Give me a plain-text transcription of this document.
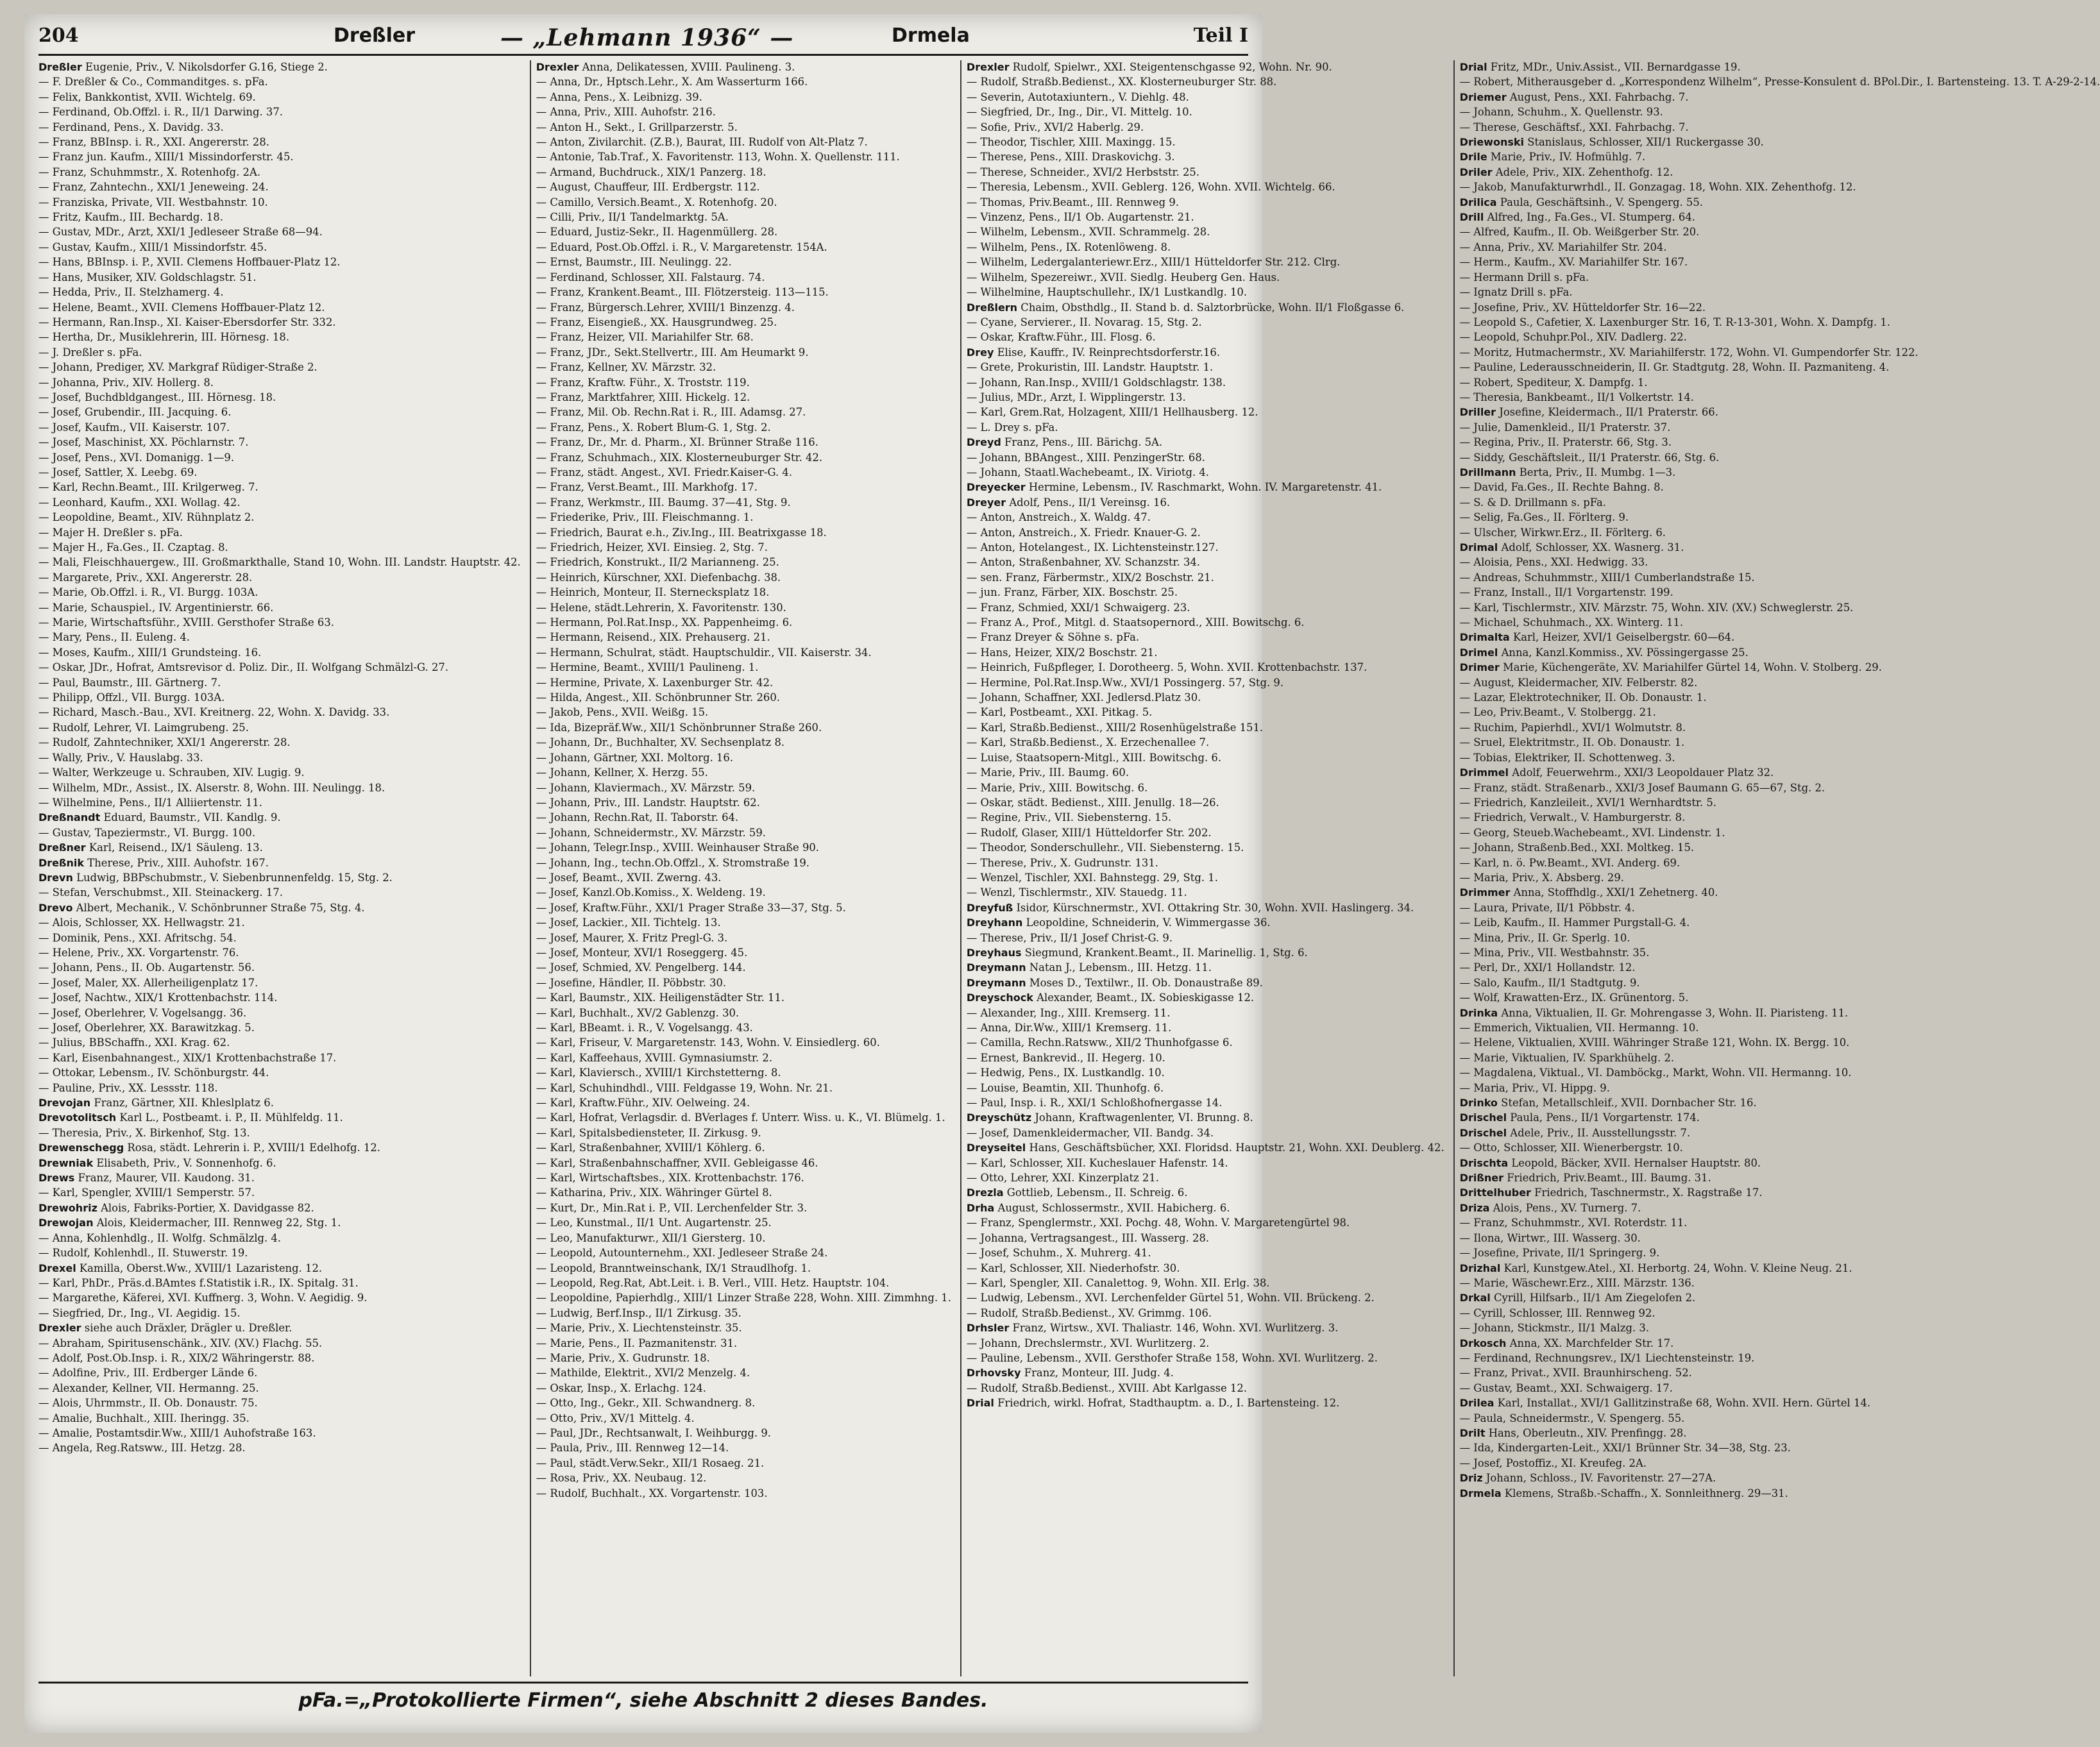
204	Dreßler	— „Lehmann 1936“ —	Drmela	Teil I
Dreßler Eugenie, Priv., V. Nikolsdorfer G.16, Stiege 2.
— F. Dreßler & Co., Commanditges. s. pFa.
— Felix, Bankkontist, XVII. Wichtelg. 69.
— Ferdinand, Ob.Offzl. i. R., II/1 Darwing. 37.
— Ferdinand, Pens., X. Davidg. 33.
— Franz, BBInsp. i. R., XXI. Angererstr. 28.
— Franz jun. Kaufm., XIII/1 Missindorferstr. 45.
— Franz, Schuhmmstr., X. Rotenhofg. 2A.
— Franz, Zahntechn., XXI/1 Jeneweing. 24.
— Franziska, Private, VII. Westbahnstr. 10.
— Fritz, Kaufm., III. Bechardg. 18.
— Gustav, MDr., Arzt, XXI/1 Jedleseer Straße 68—94.
— Gustav, Kaufm., XIII/1 Missindorfstr. 45.
— Hans, BBInsp. i. P., XVII. Clemens Hoffbauer-Platz 12.
— Hans, Musiker, XIV. Goldschlagstr. 51.
— Hedda, Priv., II. Stelzhamerg. 4.
— Helene, Beamt., XVII. Clemens Hoffbauer-Platz 12.
— Hermann, Ran.Insp., XI. Kaiser-Ebersdorfer Str. 332.
— Hertha, Dr., Musiklehrerin, III. Hörnesg. 18.
— J. Dreßler s. pFa.
— Johann, Prediger, XV. Markgraf Rüdiger-Straße 2.
— Johanna, Priv., XIV. Hollerg. 8.
— Josef, Buchdbldgangest., III. Hörnesg. 18.
— Josef, Grubendir., III. Jacquing. 6.
— Josef, Kaufm., VII. Kaiserstr. 107.
— Josef, Maschinist, XX. Pöchlarnstr. 7.
— Josef, Pens., XVI. Domanigg. 1—9.
— Josef, Sattler, X. Leebg. 69.
— Karl, Rechn.Beamt., III. Krilgerweg. 7.
— Leonhard, Kaufm., XXI. Wollag. 42.
— Leopoldine, Beamt., XIV. Rühnplatz 2.
— Majer H. Dreßler s. pFa.
— Majer H., Fa.Ges., II. Czaptag. 8.
— Mali, Fleischhauergew., III. Großmarkthalle, Stand 10, Wohn. III. Landstr. Hauptstr. 42.
— Margarete, Priv., XXI. Angererstr. 28.
— Marie, Ob.Offzl. i. R., VI. Burgg. 103A.
— Marie, Schauspiel., IV. Argentinierstr. 66.
— Marie, Wirtschaftsführ., XVIII. Gersthofer Straße 63.
— Mary, Pens., II. Euleng. 4.
— Moses, Kaufm., XIII/1 Grundsteing. 16.
— Oskar, JDr., Hofrat, Amtsrevisor d. Poliz. Dir., II. Wolfgang Schmälzl-G. 27.
— Paul, Baumstr., III. Gärtnerg. 7.
— Philipp, Offzl., VII. Burgg. 103A.
— Richard, Masch.-Bau., XVI. Kreitnerg. 22, Wohn. X. Davidg. 33.
— Rudolf, Lehrer, VI. Laimgrubeng. 25.
— Rudolf, Zahntechniker, XXI/1 Angererstr. 28.
— Wally, Priv., V. Hauslabg. 33.
— Walter, Werkzeuge u. Schrauben, XIV. Lugig. 9.
— Wilhelm, MDr., Assist., IX. Alserstr. 8, Wohn. III. Neulingg. 18.
— Wilhelmine, Pens., II/1 Alliiertenstr. 11.
Dreßnandt Eduard, Baumstr., VII. Kandlg. 9.
— Gustav, Tapeziermstr., VI. Burgg. 100.
Dreßner Karl, Reisend., IX/1 Säuleng. 13.
Dreßnik Therese, Priv., XIII. Auhofstr. 167.
Drevn Ludwig, BBPschubmstr., V. Siebenbrunnenfeldg. 15, Stg. 2.
— Stefan, Verschubmst., XII. Steinackerg. 17.
Drevo Albert, Mechanik., V. Schönbrunner Straße 75, Stg. 4.
— Alois, Schlosser, XX. Hellwagstr. 21.
— Dominik, Pens., XXI. Afritschg. 54.
— Helene, Priv., XX. Vorgartenstr. 76.
— Johann, Pens., II. Ob. Augartenstr. 56.
— Josef, Maler, XX. Allerheiligenplatz 17.
— Josef, Nachtw., XIX/1 Krottenbachstr. 114.
— Josef, Oberlehrer, V. Vogelsangg. 36.
— Josef, Oberlehrer, XX. Barawitzkag. 5.
— Julius, BBSchaffn., XXI. Krag. 62.
— Karl, Eisenbahnangest., XIX/1 Krottenbachstraße 17.
— Ottokar, Lebensm., IV. Schönburgstr. 44.
— Pauline, Priv., XX. Lessstr. 118.
Drevojan Franz, Gärtner, XII. Khleslplatz 6.
Drevotolitsch Karl L., Postbeamt. i. P., II. Mühlfeldg. 11.
— Theresia, Priv., X. Birkenhof, Stg. 13.
Drewenschegg Rosa, städt. Lehrerin i. P., XVIII/1 Edelhofg. 12.
Drewniak Elisabeth, Priv., V. Sonnenhofg. 6.
Drews Franz, Maurer, VII. Kaudong. 31.
— Karl, Spengler, XVIII/1 Semperstr. 57.
Drewohriz Alois, Fabriks-Portier, X. Davidgasse 82.
Drewojan Alois, Kleidermacher, III. Rennweg 22, Stg. 1.
— Anna, Kohlenhdlg., II. Wolfg. Schmälzlg. 4.
— Rudolf, Kohlenhdl., II. Stuwerstr. 19.
Drexel Kamilla, Oberst.Ww., XVIII/1 Lazaristeng. 12.
— Karl, PhDr., Präs.d.BAmtes f.Statistik i.R., IX. Spitalg. 31.
— Margarethe, Käferei, XVI. Kuffnerg. 3, Wohn. V. Aegidig. 9.
— Siegfried, Dr., Ing., VI. Aegidig. 15.
Drexler siehe auch Dräxler, Drägler u. Dreßler.
— Abraham, Spiritusenschänk., XIV. (XV.) Flachg. 55.
— Adolf, Post.Ob.Insp. i. R., XIX/2 Währingerstr. 88.
— Adolfine, Priv., III. Erdberger Lände 6.
— Alexander, Kellner, VII. Hermanng. 25.
— Alois, Uhrmmstr., II. Ob. Donaustr. 75.
— Amalie, Buchhalt., XIII. Iheringg. 35.
— Amalie, Postamtsdir.Ww., XIII/1 Auhofstraße 163.
— Angela, Reg.Ratsww., III. Hetzg. 28.
Drexler Anna, Delikatessen, XVIII. Paulineng. 3.
— Anna, Dr., Hptsch.Lehr., X. Am Wasserturm 166.
— Anna, Pens., X. Leibnizg. 39.
— Anna, Priv., XIII. Auhofstr. 216.
— Anton H., Sekt., I. Grillparzerstr. 5.
— Anton, Zivilarchit. (Z.B.), Baurat, III. Rudolf von Alt-Platz 7.
— Antonie, Tab.Traf., X. Favoritenstr. 113, Wohn. X. Quellenstr. 111.
— Armand, Buchdruck., XIX/1 Panzerg. 18.
— August, Chauffeur, III. Erdbergstr. 112.
— Camillo, Versich.Beamt., X. Rotenhofg. 20.
— Cilli, Priv., II/1 Tandelmarktg. 5A.
— Eduard, Justiz-Sekr., II. Hagenmüllerg. 28.
— Eduard, Post.Ob.Offzl. i. R., V. Margaretenstr. 154A.
— Ernst, Baumstr., III. Neulingg. 22.
— Ferdinand, Schlosser, XII. Falstaurg. 74.
— Franz, Krankent.Beamt., III. Flötzersteig. 113—115.
— Franz, Bürgersch.Lehrer, XVIII/1 Binzenzg. 4.
— Franz, Eisengieß., XX. Hausgrundweg. 25.
— Franz, Heizer, VII. Mariahilfer Str. 68.
— Franz, JDr., Sekt.Stellvertr., III. Am Heumarkt 9.
— Franz, Kellner, XV. Märzstr. 32.
— Franz, Kraftw. Führ., X. Troststr. 119.
— Franz, Marktfahrer, XIII. Hickelg. 12.
— Franz, Mil. Ob. Rechn.Rat i. R., III. Adamsg. 27.
— Franz, Pens., X. Robert Blum-G. 1, Stg. 2.
— Franz, Dr., Mr. d. Pharm., XI. Brünner Straße 116.
— Franz, Schuhmach., XIX. Klosterneuburger Str. 42.
— Franz, städt. Angest., XVI. Friedr.Kaiser-G. 4.
— Franz, Verst.Beamt., III. Markhofg. 17.
— Franz, Werkmstr., III. Baumg. 37—41, Stg. 9.
— Friederike, Priv., III. Fleischmanng. 1.
— Friedrich, Baurat e.h., Ziv.Ing., III. Beatrixgasse 18.
— Friedrich, Heizer, XVI. Einsieg. 2, Stg. 7.
— Friedrich, Konstrukt., II/2 Marianneng. 25.
— Heinrich, Kürschner, XXI. Diefenbachg. 38.
— Heinrich, Monteur, II. Sternecksplatz 18.
— Helene, städt.Lehrerin, X. Favoritenstr. 130.
— Hermann, Pol.Rat.Insp., XX. Pappenheimg. 6.
— Hermann, Reisend., XIX. Prehauserg. 21.
— Hermann, Schulrat, städt. Hauptschuldir., VII. Kaiserstr. 34.
— Hermine, Beamt., XVIII/1 Paulineng. 1.
— Hermine, Private, X. Laxenburger Str. 42.
— Hilda, Angest., XII. Schönbrunner Str. 260.
— Jakob, Pens., XVII. Weißg. 15.
— Ida, Bizepräf.Ww., XII/1 Schönbrunner Straße 260.
— Johann, Dr., Buchhalter, XV. Sechsenplatz 8.
— Johann, Gärtner, XXI. Moltorg. 16.
— Johann, Kellner, X. Herzg. 55.
— Johann, Klaviermach., XV. Märzstr. 59.
— Johann, Priv., III. Landstr. Hauptstr. 62.
— Johann, Rechn.Rat, II. Taborstr. 64.
— Johann, Schneidermstr., XV. Märzstr. 59.
— Johann, Telegr.Insp., XVIII. Weinhauser Straße 90.
— Johann, Ing., techn.Ob.Offzl., X. Stromstraße 19.
— Josef, Beamt., XVII. Zwerng. 43.
— Josef, Kanzl.Ob.Komiss., X. Weldeng. 19.
— Josef, Kraftw.Führ., XXI/1 Prager Straße 33—37, Stg. 5.
— Josef, Lackier., XII. Tichtelg. 13.
— Josef, Maurer, X. Fritz Pregl-G. 3.
— Josef, Monteur, XVI/1 Roseggerg. 45.
— Josef, Schmied, XV. Pengelberg. 144.
— Josefine, Händler, II. Pöbbstr. 30.
— Karl, Baumstr., XIX. Heiligenstädter Str. 11.
— Karl, Buchhalt., XV/2 Gablenzg. 30.
— Karl, BBeamt. i. R., V. Vogelsangg. 43.
— Karl, Friseur, V. Margaretenstr. 143, Wohn. V. Einsiedlerg. 60.
— Karl, Kaffeehaus, XVIII. Gymnasiumstr. 2.
— Karl, Klaviersch., XVIII/1 Kirchstetterng. 8.
— Karl, Schuhindhdl., VIII. Feldgasse 19, Wohn. Nr. 21.
— Karl, Kraftw.Führ., XIV. Oelweing. 24.
— Karl, Hofrat, Verlagsdir. d. BVerlages f. Unterr. Wiss. u. K., VI. Blümelg. 1.
— Karl, Spitalsbediensteter, II. Zirkusg. 9.
— Karl, Straßenbahner, XVIII/1 Köhlerg. 6.
— Karl, Straßenbahnschaffner, XVII. Gebleigasse 46.
— Karl, Wirtschaftsbes., XIX. Krottenbachstr. 176.
— Katharina, Priv., XIX. Währinger Gürtel 8.
— Kurt, Dr., Min.Rat i. P., VII. Lerchenfelder Str. 3.
— Leo, Kunstmal., II/1 Unt. Augartenstr. 25.
— Leo, Manufakturwr., XII/1 Giersterg. 10.
— Leopold, Autounternehm., XXI. Jedleseer Straße 24.
— Leopold, Branntweinschank, IX/1 Straudlhofg. 1.
— Leopold, Reg.Rat, Abt.Leit. i. B. Verl., VIII. Hetz. Hauptstr. 104.
— Leopoldine, Papierhdlg., XIII/1 Linzer Straße 228, Wohn. XIII. Zimmhng. 1.
— Ludwig, Berf.Insp., II/1 Zirkusg. 35.
— Marie, Priv., X. Liechtensteinstr. 35.
— Marie, Pens., II. Pazmanitenstr. 31.
— Marie, Priv., X. Gudrunstr. 18.
— Mathilde, Elektrit., XVI/2 Menzelg. 4.
— Oskar, Insp., X. Erlachg. 124.
— Otto, Ing., Gekr., XII. Schwandnerg. 8.
— Otto, Priv., XV/1 Mittelg. 4.
— Paul, JDr., Rechtsanwalt, I. Weihburgg. 9.
— Paula, Priv., III. Rennweg 12—14.
— Paul, städt.Verw.Sekr., XII/1 Rosaeg. 21.
— Rosa, Priv., XX. Neubaug. 12.
— Rudolf, Buchhalt., XX. Vorgartenstr. 103.
Drexler Rudolf, Spielwr., XXI. Steigentenschgasse 92, Wohn. Nr. 90.
— Rudolf, Straßb.Bedienst., XX. Klosterneuburger Str. 88.
— Severin, Autotaxiuntern., V. Diehlg. 48.
— Siegfried, Dr., Ing., Dir., VI. Mittelg. 10.
— Sofie, Priv., XVI/2 Haberlg. 29.
— Theodor, Tischler, XIII. Maxingg. 15.
— Therese, Pens., XIII. Draskovichg. 3.
— Therese, Schneider., XVI/2 Herbststr. 25.
— Theresia, Lebensm., XVII. Geblerg. 126, Wohn. XVII. Wichtelg. 66.
— Thomas, Priv.Beamt., III. Rennweg 9.
— Vinzenz, Pens., II/1 Ob. Augartenstr. 21.
— Wilhelm, Lebensm., XVII. Schrammelg. 28.
— Wilhelm, Pens., IX. Rotenlöweng. 8.
— Wilhelm, Ledergalanteriewr.Erz., XIII/1 Hütteldorfer Str. 212. Clrg.
— Wilhelm, Spezereiwr., XVII. Siedlg. Heuberg Gen. Haus.
— Wilhelmine, Hauptschullehr., IX/1 Lustkandlg. 10.
Dreßlern Chaim, Obsthdlg., II. Stand b. d. Salztorbrücke, Wohn. II/1 Floßgasse 6.
— Cyane, Servierer., II. Novarag. 15, Stg. 2.
— Oskar, Kraftw.Führ., III. Flosg. 6.
Drey Elise, Kauffr., IV. Reinprechtsdorferstr.16.
— Grete, Prokuristin, III. Landstr. Hauptstr. 1.
— Johann, Ran.Insp., XVIII/1 Goldschlagstr. 138.
— Julius, MDr., Arzt, I. Wipplingerstr. 13.
— Karl, Grem.Rat, Holzagent, XIII/1 Hellhausberg. 12.
— L. Drey s. pFa.
Dreyd Franz, Pens., III. Bärichg. 5A.
— Johann, BBAngest., XIII. PenzingerStr. 68.
— Johann, Staatl.Wachebeamt., IX. Viriotg. 4.
Dreyecker Hermine, Lebensm., IV. Raschmarkt, Wohn. IV. Margaretenstr. 41.
Dreyer Adolf, Pens., II/1 Vereinsg. 16.
— Anton, Anstreich., X. Waldg. 47.
— Anton, Anstreich., X. Friedr. Knauer-G. 2.
— Anton, Hotelangest., IX. Lichtensteinstr.127.
— Anton, Straßenbahner, XV. Schanzstr. 34.
— sen. Franz, Färbermstr., XIX/2 Boschstr. 21.
— jun. Franz, Färber, XIX. Boschstr. 25.
— Franz, Schmied, XXI/1 Schwaigerg. 23.
— Franz A., Prof., Mitgl. d. Staatsopernord., XIII. Bowitschg. 6.
— Franz Dreyer & Söhne s. pFa.
— Hans, Heizer, XIX/2 Boschstr. 21.
— Heinrich, Fußpfleger, I. Dorotheerg. 5, Wohn. XVII. Krottenbachstr. 137.
— Hermine, Pol.Rat.Insp.Ww., XVI/1 Possingerg. 57, Stg. 9.
— Johann, Schaffner, XXI. Jedlersd.Platz 30.
— Karl, Postbeamt., XXI. Pitkag. 5.
— Karl, Straßb.Bedienst., XIII/2 Rosenhügelstraße 151.
— Karl, Straßb.Bedienst., X. Erzechenallee 7.
— Luise, Staatsopern-Mitgl., XIII. Bowitschg. 6.
— Marie, Priv., III. Baumg. 60.
— Marie, Priv., XIII. Bowitschg. 6.
— Oskar, städt. Bedienst., XIII. Jenullg. 18—26.
— Regine, Priv., VII. Siebensterng. 15.
— Rudolf, Glaser, XIII/1 Hütteldorfer Str. 202.
— Theodor, Sonderschullehr., VII. Siebensterng. 15.
— Therese, Priv., X. Gudrunstr. 131.
— Wenzel, Tischler, XXI. Bahnstegg. 29, Stg. 1.
— Wenzl, Tischlermstr., XIV. Stauedg. 11.
Dreyfuß Isidor, Kürschnermstr., XVI. Ottakring Str. 30, Wohn. XVII. Haslingerg. 34.
Dreyhann Leopoldine, Schneiderin, V. Wimmergasse 36.
— Therese, Priv., II/1 Josef Christ-G. 9.
Dreyhaus Siegmund, Krankent.Beamt., II. Marinellig. 1, Stg. 6.
Dreymann Natan J., Lebensm., III. Hetzg. 11.
Dreymann Moses D., Textilwr., II. Ob. Donaustraße 89.
Dreyschock Alexander, Beamt., IX. Sobieskigasse 12.
— Alexander, Ing., XIII. Kremserg. 11.
— Anna, Dir.Ww., XIII/1 Kremserg. 11.
— Camilla, Rechn.Ratsww., XII/2 Thunhofgasse 6.
— Ernest, Bankrevid., II. Hegerg. 10.
— Hedwig, Pens., IX. Lustkandlg. 10.
— Louise, Beamtin, XII. Thunhofg. 6.
— Paul, Insp. i. R., XXI/1 Schloßhofnergasse 14.
Dreyschütz Johann, Kraftwagenlenter, VI. Brunng. 8.
— Josef, Damenkleidermacher, VII. Bandg. 34.
Dreyseitel Hans, Geschäftsbücher, XXI. Floridsd. Hauptstr. 21, Wohn. XXI. Deublerg. 42.
— Karl, Schlosser, XII. Kucheslauer Hafenstr. 14.
— Otto, Lehrer, XXI. Kinzerplatz 21.
Drezla Gottlieb, Lebensm., II. Schreig. 6.
Drha August, Schlossermstr., XVII. Habicherg. 6.
— Franz, Spenglermstr., XXI. Pochg. 48, Wohn. V. Margaretengürtel 98.
— Johanna, Vertragsangest., III. Wasserg. 28.
— Josef, Schuhm., X. Muhrerg. 41.
— Karl, Schlosser, XII. Niederhofstr. 30.
— Karl, Spengler, XII. Canalettog. 9, Wohn. XII. Erlg. 38.
— Ludwig, Lebensm., XVI. Lerchenfelder Gürtel 51, Wohn. VII. Brückeng. 2.
— Rudolf, Straßb.Bedienst., XV. Grimmg. 106.
Drhsler Franz, Wirtsw., XVI. Thaliastr. 146, Wohn. XVI. Wurlitzerg. 3.
— Johann, Drechslermstr., XVI. Wurlitzerg. 2.
— Pauline, Lebensm., XVII. Gersthofer Straße 158, Wohn. XVI. Wurlitzerg. 2.
Drhovsky Franz, Monteur, III. Judg. 4.
— Rudolf, Straßb.Bedienst., XVIII. Abt Karlgasse 12.
Drial Friedrich, wirkl. Hofrat, Stadthauptm. a. D., I. Bartensteing. 12.
Drial Fritz, MDr., Univ.Assist., VII. Bernardgasse 19.
— Robert, Mitherausgeber d. „Korrespondenz Wilhelm“, Presse-Konsulent d. BPol.Dir., I. Bartensteing. 13. T. A-29-2-14.
Driemer August, Pens., XXI. Fahrbachg. 7.
— Johann, Schuhm., X. Quellenstr. 93.
— Therese, Geschäftsf., XXI. Fahrbachg. 7.
Driewonski Stanislaus, Schlosser, XII/1 Ruckergasse 30.
Drile Marie, Priv., IV. Hofmühlg. 7.
Driler Adele, Priv., XIX. Zehenthofg. 12.
— Jakob, Manufakturwrhdl., II. Gonzagag. 18, Wohn. XIX. Zehenthofg. 12.
Drilica Paula, Geschäftsinh., V. Spengerg. 55.
Drill Alfred, Ing., Fa.Ges., VI. Stumperg. 64.
— Alfred, Kaufm., II. Ob. Weißgerber Str. 20.
— Anna, Priv., XV. Mariahilfer Str. 204.
— Herm., Kaufm., XV. Mariahilfer Str. 167.
— Hermann Drill s. pFa.
— Ignatz Drill s. pFa.
— Josefine, Priv., XV. Hütteldorfer Str. 16—22.
— Leopold S., Cafetier, X. Laxenburger Str. 16, T. R-13-301, Wohn. X. Dampfg. 1.
— Leopold, Schuhpr.Pol., XIV. Dadlerg. 22.
— Moritz, Hutmachermstr., XV. Mariahilferstr. 172, Wohn. VI. Gumpendorfer Str. 122.
— Pauline, Lederausschneiderin, II. Gr. Stadtgutg. 28, Wohn. II. Pazmaniteng. 4.
— Robert, Spediteur, X. Dampfg. 1.
— Theresia, Bankbeamt., II/1 Volkertstr. 14.
Driller Josefine, Kleidermach., II/1 Praterstr. 66.
— Julie, Damenkleid., II/1 Praterstr. 37.
— Regina, Priv., II. Praterstr. 66, Stg. 3.
— Siddy, Geschäftsleit., II/1 Praterstr. 66, Stg. 6.
Drillmann Berta, Priv., II. Mumbg. 1—3.
— David, Fa.Ges., II. Rechte Bahng. 8.
— S. & D. Drillmann s. pFa.
— Selig, Fa.Ges., II. Förlterg. 9.
— Ulscher, Wirkwr.Erz., II. Förlterg. 6.
Drimal Adolf, Schlosser, XX. Wasnerg. 31.
— Aloisia, Pens., XXI. Hedwigg. 33.
— Andreas, Schuhmmstr., XIII/1 Cumberlandstraße 15.
— Franz, Install., II/1 Vorgartenstr. 199.
— Karl, Tischlermstr., XIV. Märzstr. 75, Wohn. XIV. (XV.) Schweglerstr. 25.
— Michael, Schuhmach., XX. Winterg. 11.
Drimalta Karl, Heizer, XVI/1 Geiselbergstr. 60—64.
Drimel Anna, Kanzl.Kommiss., XV. Pössingergasse 25.
Drimer Marie, Küchengeräte, XV. Mariahilfer Gürtel 14, Wohn. V. Stolberg. 29.
— August, Kleidermacher, XIV. Felberstr. 82.
— Lazar, Elektrotechniker, II. Ob. Donaustr. 1.
— Leo, Priv.Beamt., V. Stolbergg. 21.
— Ruchim, Papierhdl., XVI/1 Wolmutstr. 8.
— Sruel, Elektritmstr., II. Ob. Donaustr. 1.
— Tobias, Elektriker, II. Schottenweg. 3.
Drimmel Adolf, Feuerwehrm., XXI/3 Leopoldauer Platz 32.
— Franz, städt. Straßenarb., XXI/3 Josef Baumann G. 65—67, Stg. 2.
— Friedrich, Kanzleileit., XVI/1 Wernhardtstr. 5.
— Friedrich, Verwalt., V. Hamburgerstr. 8.
— Georg, Steueb.Wachebeamt., XVI. Lindenstr. 1.
— Johann, Straßenb.Bed., XXI. Moltkeg. 15.
— Karl, n. ö. Pw.Beamt., XVI. Anderg. 69.
— Maria, Priv., X. Absberg. 29.
Drimmer Anna, Stoffhdlg., XXI/1 Zehetnerg. 40.
— Laura, Private, II/1 Pöbbstr. 4.
— Leib, Kaufm., II. Hammer Purgstall-G. 4.
— Mina, Priv., II. Gr. Sperlg. 10.
— Mina, Priv., VII. Westbahnstr. 35.
— Perl, Dr., XXI/1 Hollandstr. 12.
— Salo, Kaufm., II/1 Stadtgutg. 9.
— Wolf, Krawatten-Erz., IX. Grünentorg. 5.
Drinka Anna, Viktualien, II. Gr. Mohrengasse 3, Wohn. II. Piaristeng. 11.
— Emmerich, Viktualien, VII. Hermanng. 10.
— Helene, Viktualien, XVIII. Währinger Straße 121, Wohn. IX. Bergg. 10.
— Marie, Viktualien, IV. Sparkhühelg. 2.
— Magdalena, Viktual., VI. Damböckg., Markt, Wohn. VII. Hermanng. 10.
— Maria, Priv., VI. Hippg. 9.
Drinko Stefan, Metallschleif., XVII. Dornbacher Str. 16.
Drischel Paula, Pens., II/1 Vorgartenstr. 174.
Drischel Adele, Priv., II. Ausstellungsstr. 7.
— Otto, Schlosser, XII. Wienerbergstr. 10.
Drischta Leopold, Bäcker, XVII. Hernalser Hauptstr. 80.
Drißner Friedrich, Priv.Beamt., III. Baumg. 31.
Drittelhuber Friedrich, Taschnermstr., X. Ragstraße 17.
Driza Alois, Pens., XV. Turnerg. 7.
— Franz, Schuhmmstr., XVI. Roterdstr. 11.
— Ilona, Wirtwr., III. Wasserg. 30.
— Josefine, Private, II/1 Springerg. 9.
Drizhal Karl, Kunstgew.Atel., XI. Herbortg. 24, Wohn. V. Kleine Neug. 21.
— Marie, Wäschewr.Erz., XIII. Märzstr. 136.
Drkal Cyrill, Hilfsarb., II/1 Am Ziegelofen 2.
— Cyrill, Schlosser, III. Rennweg 92.
— Johann, Stickmstr., II/1 Malzg. 3.
Drkosch Anna, XX. Marchfelder Str. 17.
— Ferdinand, Rechnungsrev., IX/1 Liechtensteinstr. 19.
— Franz, Privat., XVII. Braunhirscheng. 52.
— Gustav, Beamt., XXI. Schwaigerg. 17.
Drilea Karl, Installat., XVI/1 Gallitzinstraße 68, Wohn. XVII. Hern. Gürtel 14.
— Paula, Schneidermstr., V. Spengerg. 55.
Drilt Hans, Oberleutn., XIV. Prenfingg. 28.
— Ida, Kindergarten-Leit., XXI/1 Brünner Str. 34—38, Stg. 23.
— Josef, Postoffiz., XI. Kreufeg. 2A.
Driz Johann, Schloss., IV. Favoritenstr. 27—27A.
Drmela Klemens, Straßb.-Schaffn., X. Sonnleithnerg. 29—31.
pFa.=„Protokollierte Firmen“, siehe Abschnitt 2 dieses Bandes.
